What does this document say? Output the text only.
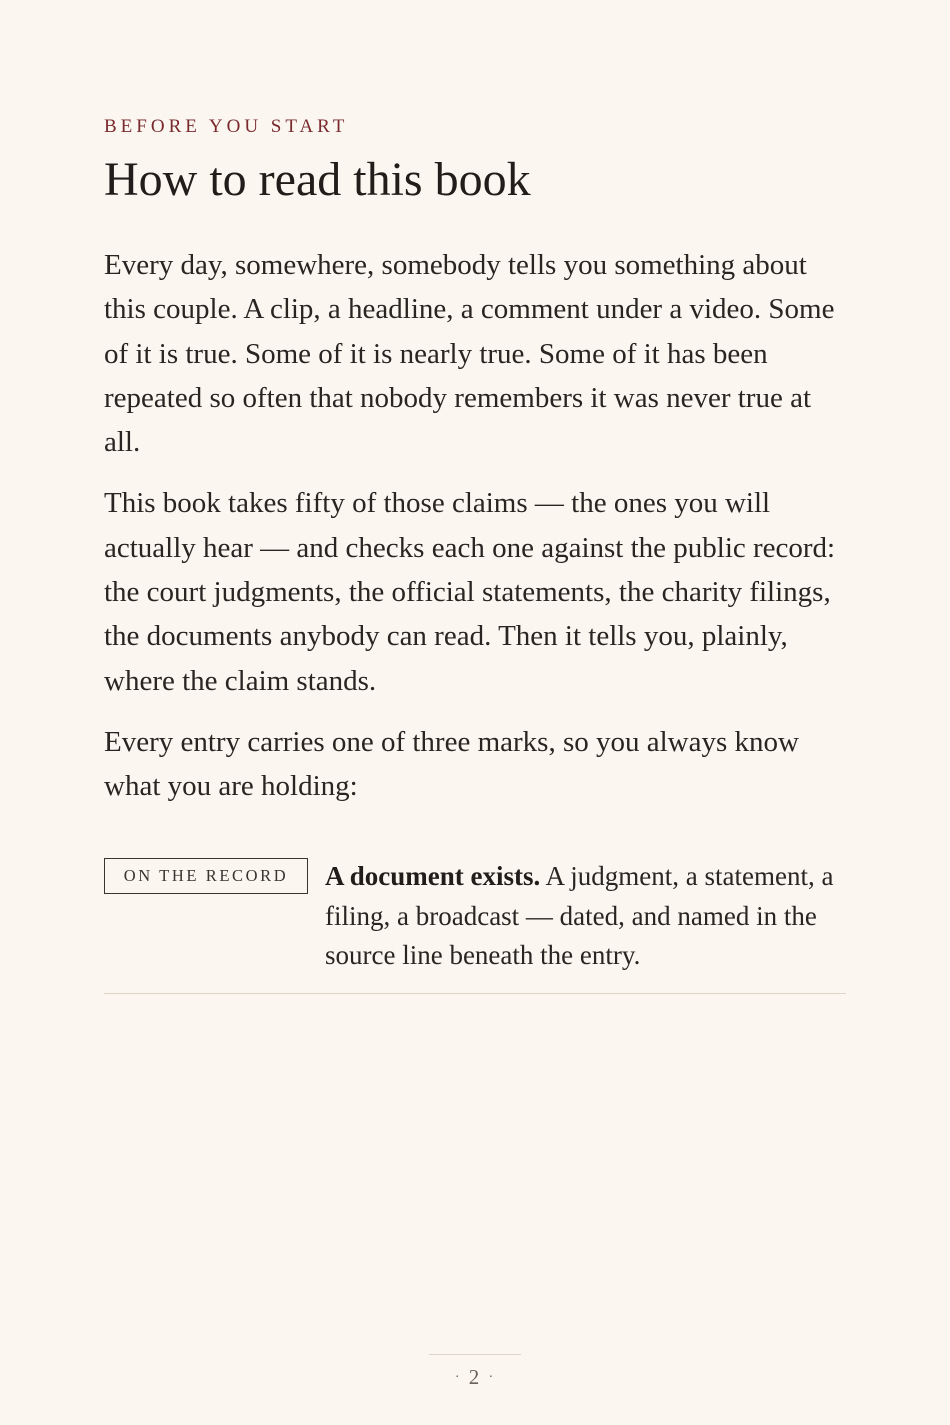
BEFORE YOU START
How to read this book

Every day, somewhere, somebody tells you something about this couple. A clip, a headline, a comment under a video. Some of it is true. Some of it is nearly true. Some of it has been repeated so often that nobody remembers it was never true at all.

This book takes fifty of those claims — the ones you will actually hear — and checks each one against the public record: the court judgments, the official statements, the charity filings, the documents anybody can read. Then it tells you, plainly, where the claim stands.

Every entry carries one of three marks, so you always know what you are holding:

ON THE RECORD	A document exists. A judgment, a statement, a filing, a broadcast — dated, and named in the source line beneath the entry.
· 2 ·
